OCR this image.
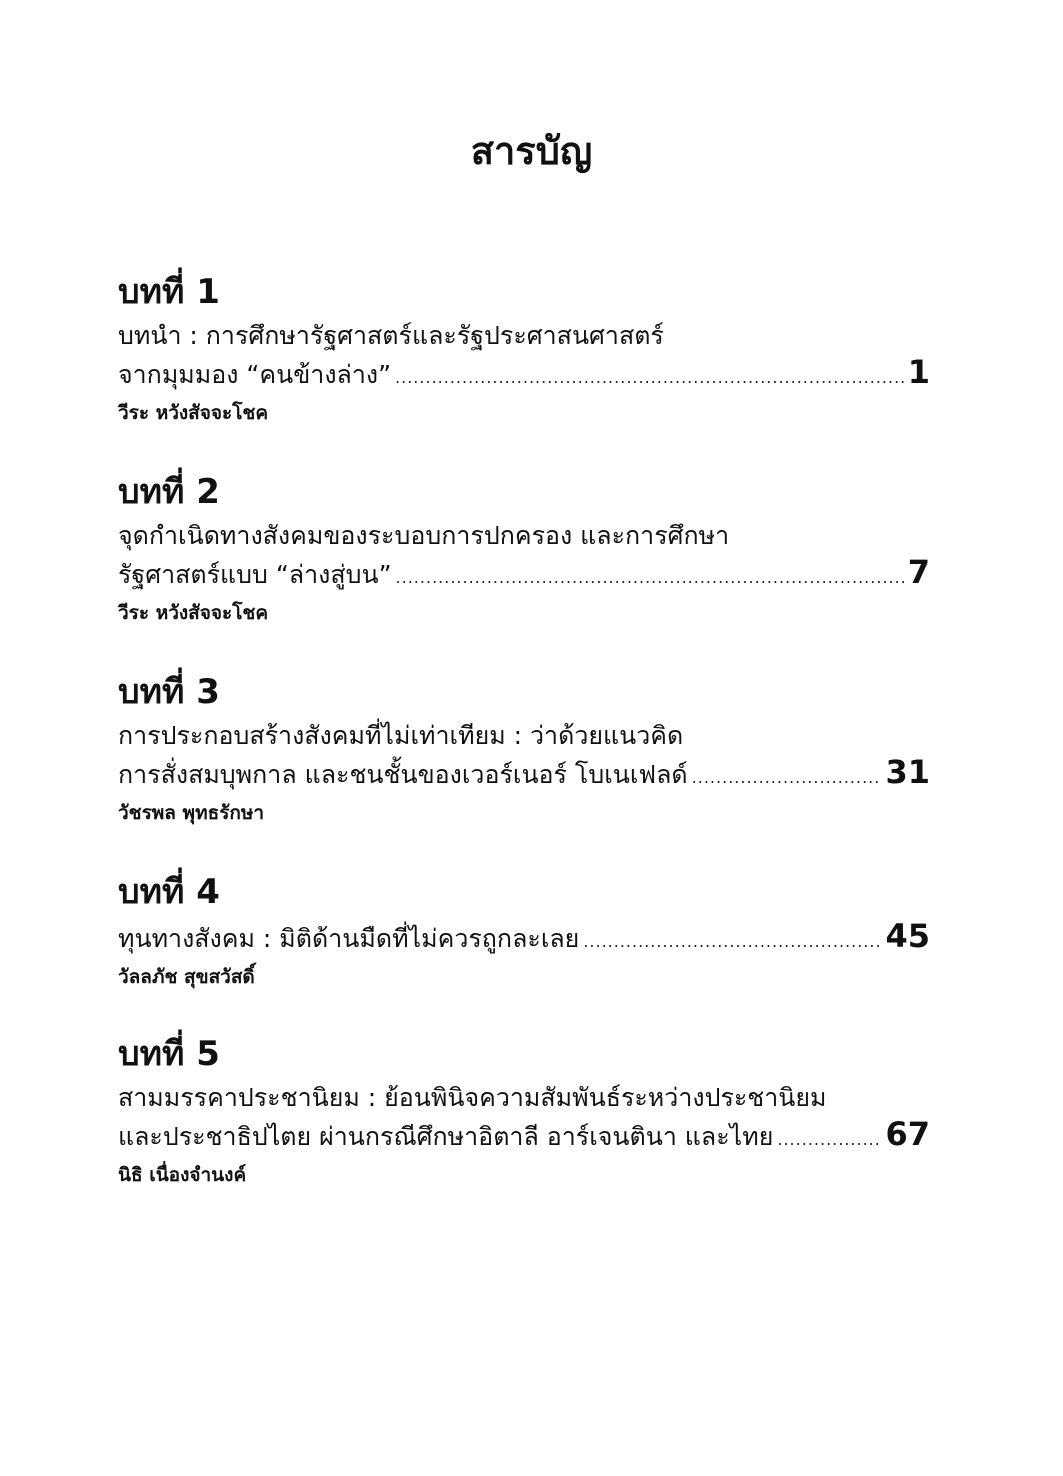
สารบัญ
บทที่ 1
บทนำ : การศึกษารัฐศาสตร์และรัฐประศาสนศาสตร์
จากมุมมอง “คนข้างล่าง” .....	1
วีระ หวังสัจจะโชค
บทที่ 2
จุดกำเนิดทางสังคมของระบอบการปกครอง และการศึกษา
รัฐศาสตร์แบบ “ล่างสู่บน” .....	7
วีระ หวังสัจจะโชค
บทที่ 3
การประกอบสร้างสังคมที่ไม่เท่าเทียม : ว่าด้วยแนวคิด
การสั่งสมบุพกาล และชนชั้นของเวอร์เนอร์ โบเนเฟลด์ .....	31
วัชรพล พุทธรักษา
บทที่ 4
ทุนทางสังคม : มิติด้านมืดที่ไม่ควรถูกละเลย .....	45
วัลลภัช สุขสวัสดิ์
บทที่ 5
สามมรรคาประชานิยม : ย้อนพินิจความสัมพันธ์ระหว่างประชานิยม
และประชาธิปไตย ผ่านกรณีศึกษาอิตาลี อาร์เจนตินา และไทย .....	67
นิธิ เนื่องจำนงค์
